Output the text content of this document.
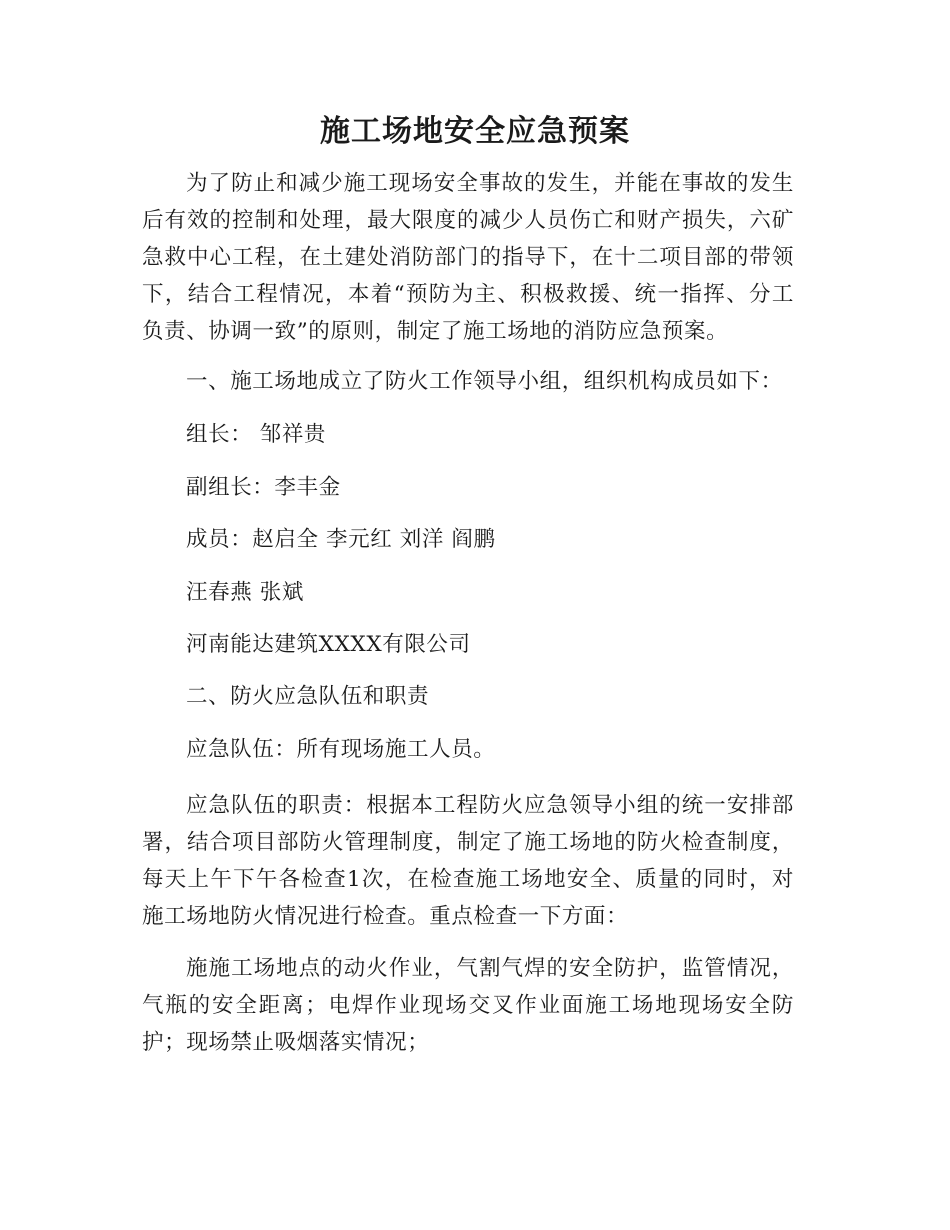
施工场地安全应急预案

为了防止和减少施工现场安全事故的发生，并能在事故的发生后有效的控制和处理，最大限度的减少人员伤亡和财产损失，六矿急救中心工程，在土建处消防部门的指导下，在十二项目部的带领下，结合工程情况，本着“预防为主、积极救援、统一指挥、分工负责、协调一致”的原则，制定了施工场地的消防应急预案。

一、施工场地成立了防火工作领导小组，组织机构成员如下：

组长： 邹祥贵

副组长：李丰金

成员：赵启全 李元红 刘洋 阎鹏

汪春燕 张斌

河南能达建筑XXXX有限公司

二、防火应急队伍和职责

应急队伍：所有现场施工人员。

应急队伍的职责：根据本工程防火应急领导小组的统一安排部署，结合项目部防火管理制度，制定了施工场地的防火检查制度，每天上午下午各检查1次，在检查施工场地安全、质量的同时，对施工场地防火情况进行检查。重点检查一下方面：

施施工场地点的动火作业，气割气焊的安全防护，监管情况，气瓶的安全距离；电焊作业现场交叉作业面施工场地现场安全防护；现场禁止吸烟落实情况；
